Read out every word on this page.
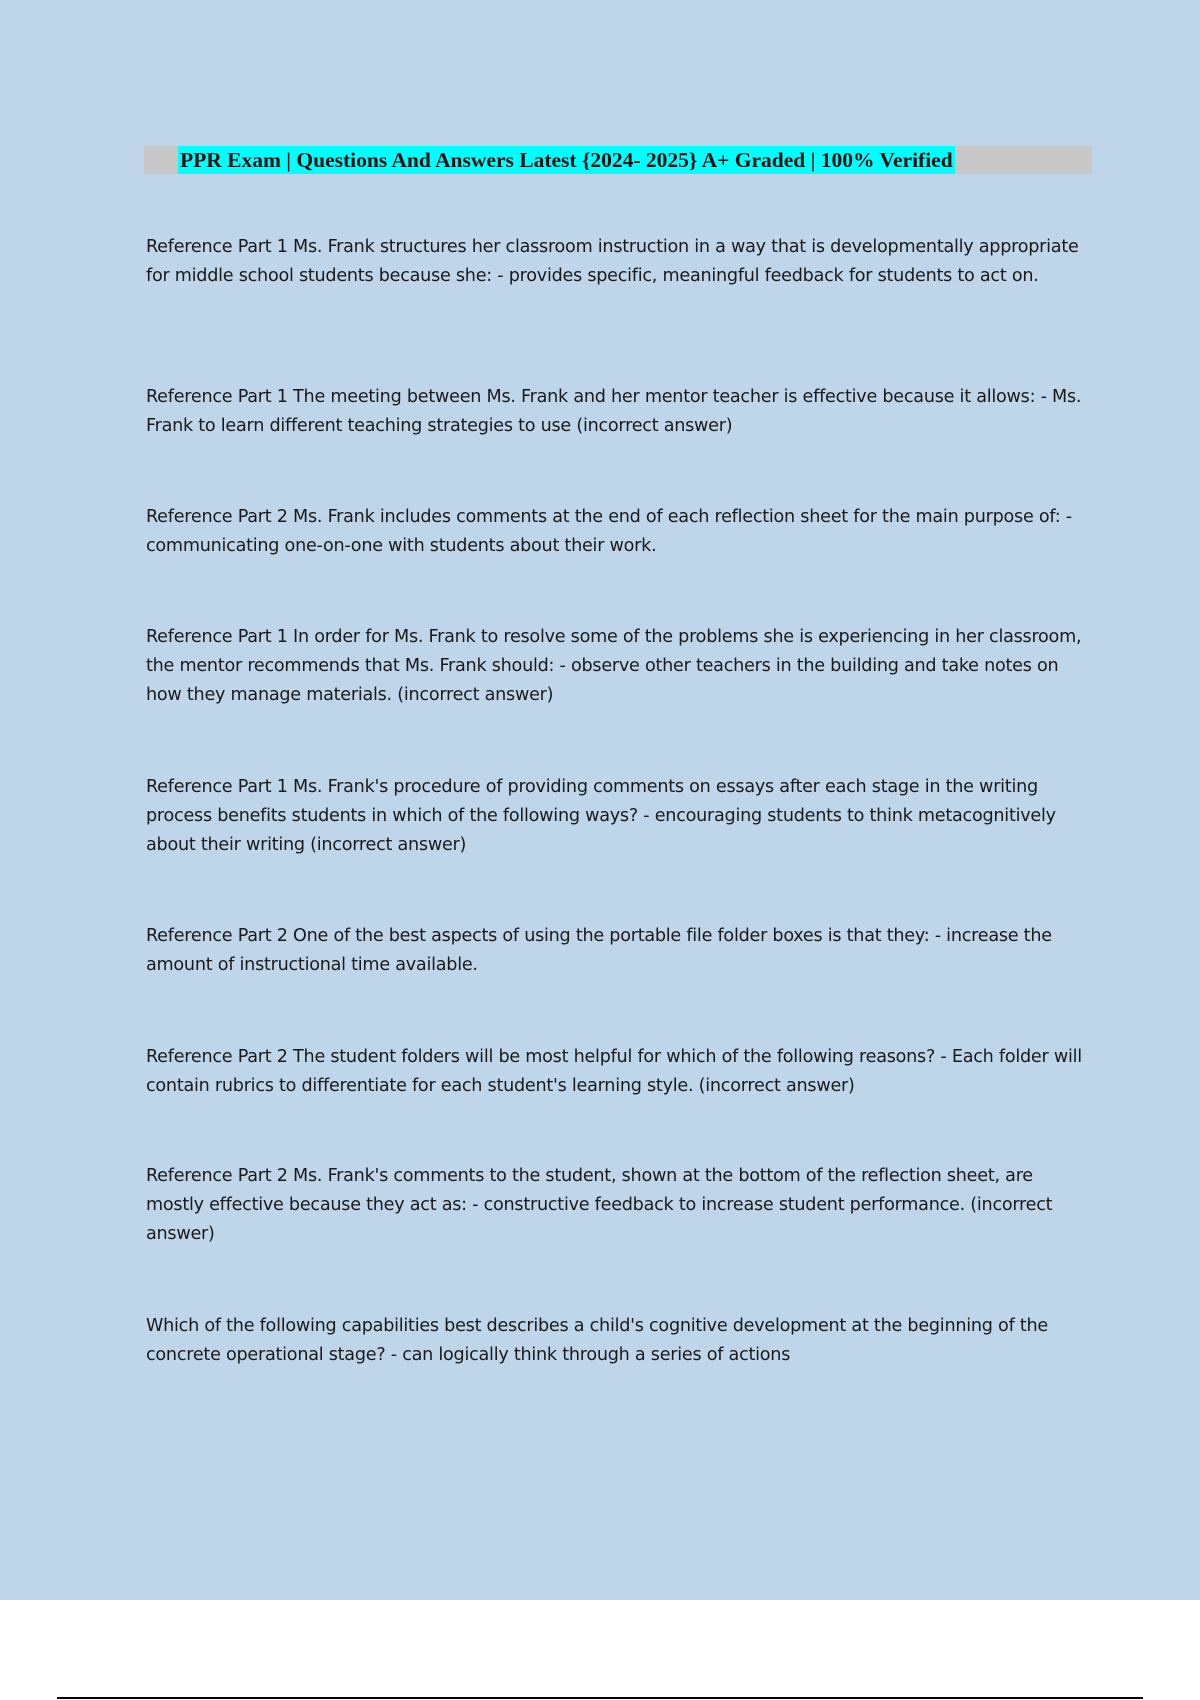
PPR Exam | Questions And Answers Latest {2024- 2025} A+ Graded | 100% Verified

Reference Part 1 Ms. Frank structures her classroom instruction in a way that is developmentally appropriate for middle school students because she: - provides specific, meaningful feedback for students to act on.

Reference Part 1 The meeting between Ms. Frank and her mentor teacher is effective because it allows: - Ms. Frank to learn different teaching strategies to use (incorrect answer)

Reference Part 2 Ms. Frank includes comments at the end of each reflection sheet for the main purpose of: - communicating one-on-one with students about their work.

Reference Part 1 In order for Ms. Frank to resolve some of the problems she is experiencing in her classroom, the mentor recommends that Ms. Frank should: - observe other teachers in the building and take notes on how they manage materials. (incorrect answer)

Reference Part 1 Ms. Frank's procedure of providing comments on essays after each stage in the writing process benefits students in which of the following ways? - encouraging students to think metacognitively about their writing (incorrect answer)

Reference Part 2 One of the best aspects of using the portable file folder boxes is that they: - increase the amount of instructional time available.

Reference Part 2 The student folders will be most helpful for which of the following reasons? - Each folder will contain rubrics to differentiate for each student's learning style. (incorrect answer)

Reference Part 2 Ms. Frank's comments to the student, shown at the bottom of the reflection sheet, are mostly effective because they act as: - constructive feedback to increase student performance. (incorrect answer)

Which of the following capabilities best describes a child's cognitive development at the beginning of the concrete operational stage? - can logically think through a series of actions
